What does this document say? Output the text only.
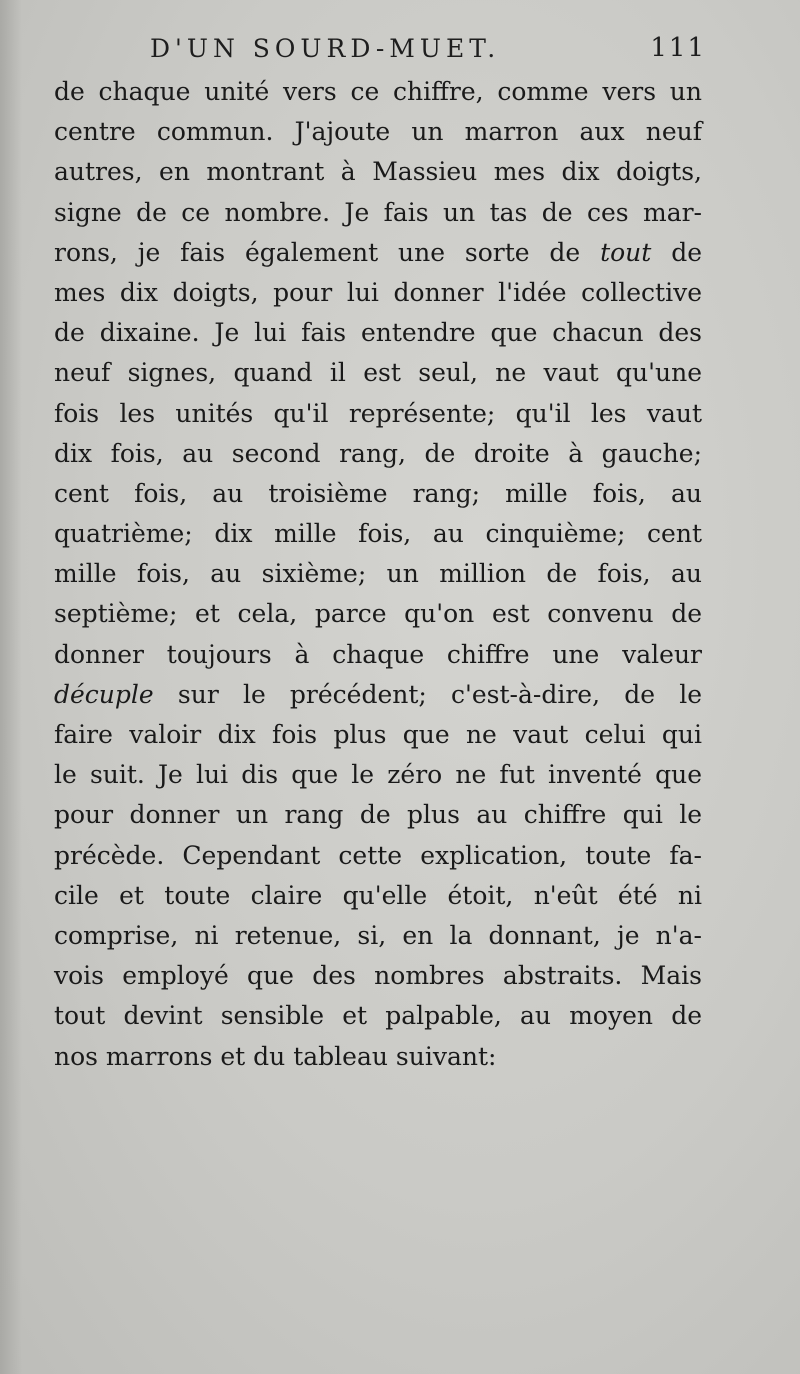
D'UN SOURD-MUET.	111
de chaque unité vers ce chiffre, comme vers un
centre commun. J'ajoute un marron aux neuf
autres, en montrant à Massieu mes dix doigts,
signe de ce nombre. Je fais un tas de ces mar-
rons, je fais également une sorte de tout de
mes dix doigts, pour lui donner l'idée collective
de dixaine. Je lui fais entendre que chacun des
neuf signes, quand il est seul, ne vaut qu'une
fois les unités qu'il représente; qu'il les vaut
dix fois, au second rang, de droite à gauche;
cent fois, au troisième rang; mille fois, au
quatrième; dix mille fois, au cinquième; cent
mille fois, au sixième; un million de fois, au
septième; et cela, parce qu'on est convenu de
donner toujours à chaque chiffre une valeur
décuple sur le précédent; c'est-à-dire, de le
faire valoir dix fois plus que ne vaut celui qui
le suit. Je lui dis que le zéro ne fut inventé que
pour donner un rang de plus au chiffre qui le
précède. Cependant cette explication, toute fa-
cile et toute claire qu'elle étoit, n'eût été ni
comprise, ni retenue, si, en la donnant, je n'a-
vois employé que des nombres abstraits. Mais
tout devint sensible et palpable, au moyen de
nos marrons et du tableau suivant:
